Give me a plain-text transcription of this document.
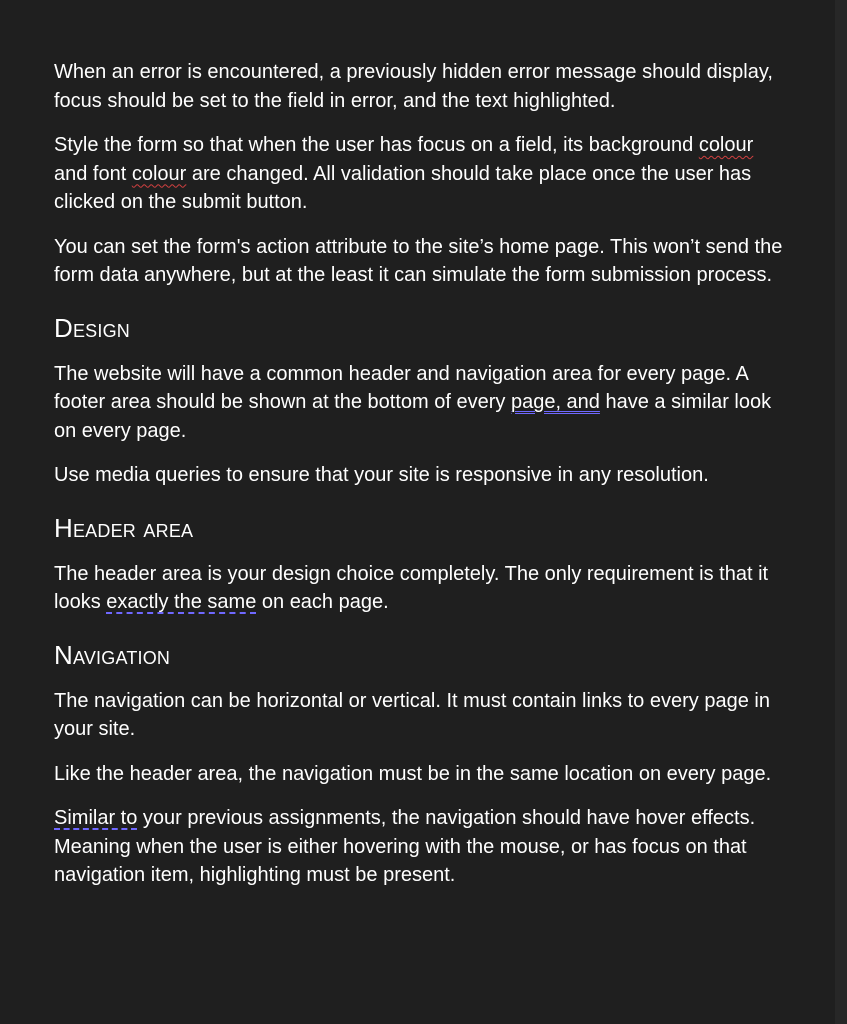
When an error is encountered, a previously hidden error message should display, focus should be set to the field in error, and the text highlighted.

Style the form so that when the user has focus on a field, its background colour and font colour are changed. All validation should take place once the user has clicked on the submit button.

You can set the form's action attribute to the site’s home page. This won’t send the form data anywhere, but at the least it can simulate the form submission process.

Design

The website will have a common header and navigation area for every page. A footer area should be shown at the bottom of every page, and have a similar look on every page.

Use media queries to ensure that your site is responsive in any resolution.

Header area

The header area is your design choice completely. The only requirement is that it looks exactly the same on each page.

Navigation

The navigation can be horizontal or vertical. It must contain links to every page in your site.

Like the header area, the navigation must be in the same location on every page.

Similar to your previous assignments, the navigation should have hover effects. Meaning when the user is either hovering with the mouse, or has focus on that navigation item, highlighting must be present.
